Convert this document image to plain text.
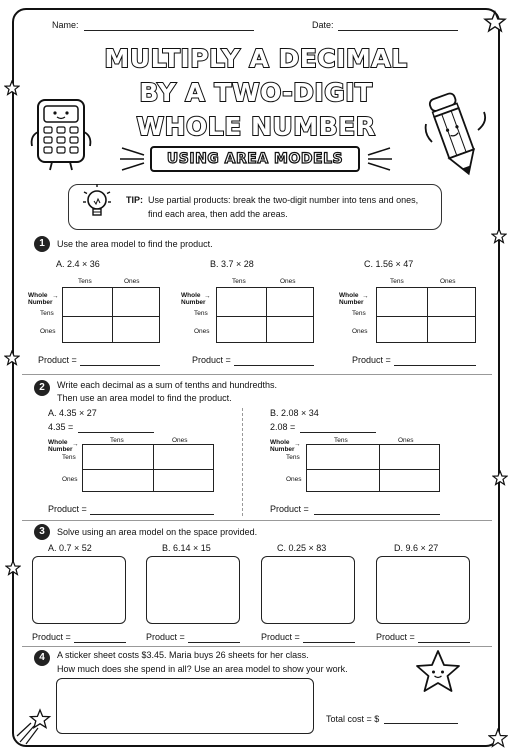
Name:	Date:
MULTIPLY A DECIMAL
BY A TWO-DIGIT
WHOLE NUMBER
USING AREA MODELS
TIP: Use partial products: break the two-digit number into tens and ones,
find each area, then add the areas.
1	Use the area model to find the product.
A. 2.4 × 36
Tens	Ones
Whole
Number
→
Tens
Ones
Product =
B. 3.7 × 28
Tens	Ones
Whole
Number
→
Tens
Ones
Product =
C. 1.56 × 47
Tens	Ones
Whole
Number
→
Tens
Ones
Product =
2	Write each decimal as a sum of tenths and hundredths.
Then use an area model to find the product.
A. 4.35 × 27
4.35 =
Tens	Ones
Whole
Number
→
Tens
Ones
Product =
B. 2.08 × 34
2.08 =
Tens	Ones
Whole
Number
→
Tens
Ones
Product =
3	Solve using an area model on the space provided.
A. 0.7 × 52
Product =
B. 6.14 × 15
Product =
C. 0.25 × 83
Product =
D. 9.6 × 27
Product =
4	A sticker sheet costs $3.45. Maria buys 26 sheets for her class.
How much does she spend in all? Use an area model to show your work.
Total cost = $
